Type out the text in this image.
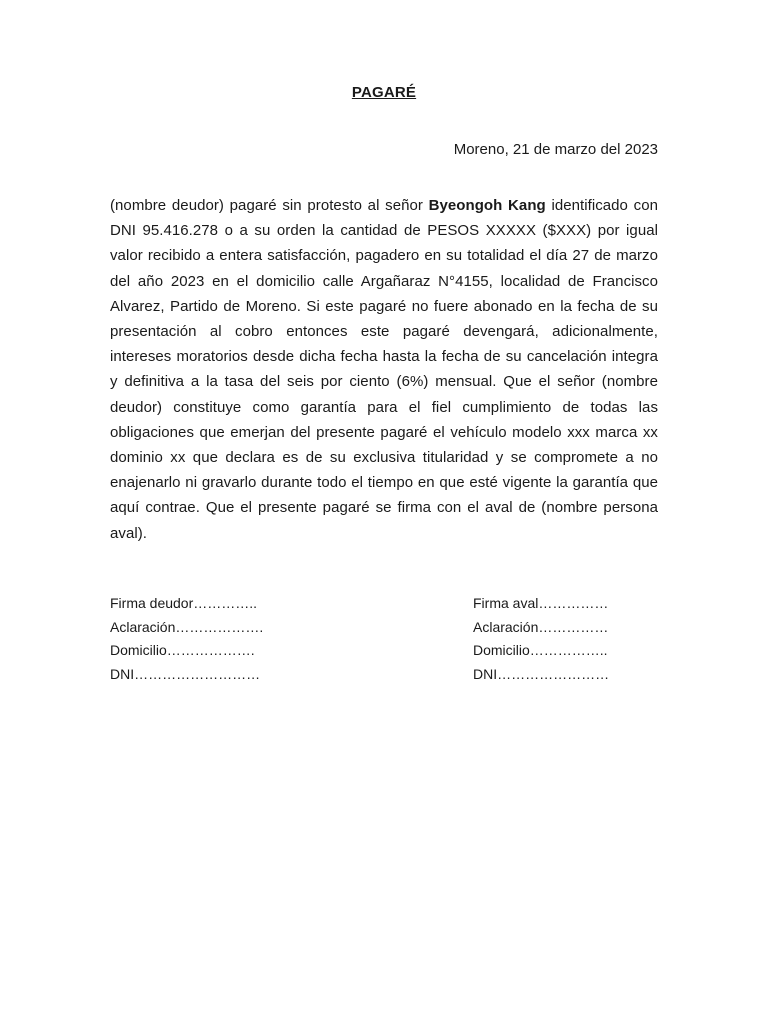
PAGARÉ
Moreno, 21 de marzo del 2023
(nombre deudor) pagaré sin protesto al señor Byeongoh Kang identificado con DNI 95.416.278 o a su orden la cantidad de PESOS XXXXX ($XXX) por igual valor recibido a entera satisfacción, pagadero en su totalidad el día 27 de marzo del año 2023 en el domicilio calle Argañaraz N°4155, localidad de Francisco Alvarez, Partido de Moreno. Si este pagaré no fuere abonado en la fecha de su presentación al cobro entonces este pagaré devengará, adicionalmente, intereses moratorios desde dicha fecha hasta la fecha de su cancelación integra y definitiva a la tasa del seis por ciento (6%) mensual. Que el señor (nombre deudor) constituye como garantía para el fiel cumplimiento de todas las obligaciones que emerjan del presente pagaré el vehículo modelo xxx marca xx dominio xx que declara es de su exclusiva titularidad y se compromete a no enajenarlo ni gravarlo durante todo el tiempo en que esté vigente la garantía que aquí contrae. Que el presente pagaré se firma con el aval de (nombre persona aval).
Firma deudor…………..
Aclaración……………….
Domicilio……………….
DNI………………………
Firma aval……………
Aclaración……………
Domicilio……………..
DNI……………………
